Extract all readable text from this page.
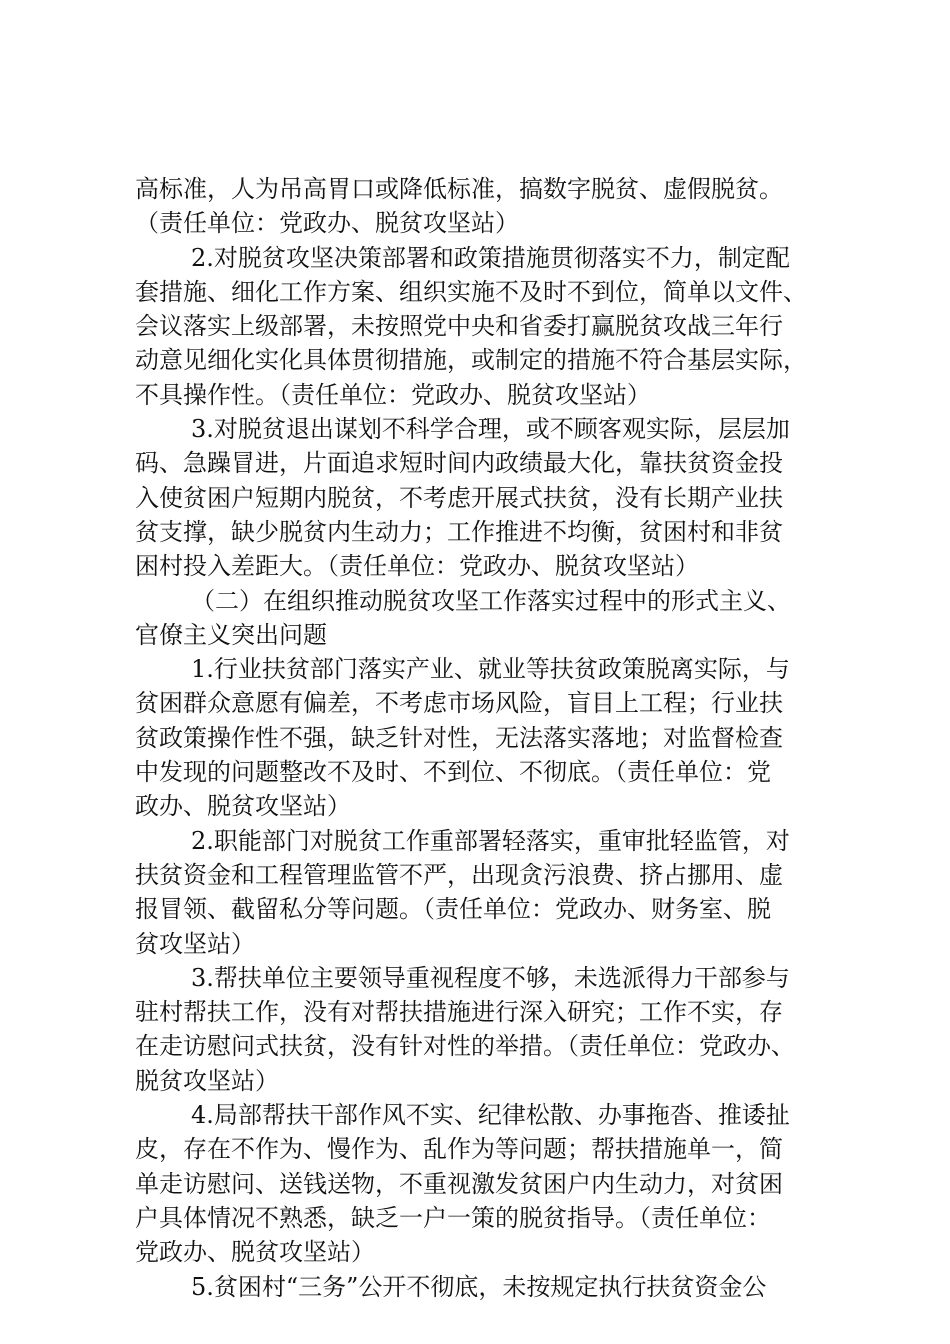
高标准，人为吊高胃口或降低标准，搞数字脱贫、虚假脱贫。
（责任单位：党政办、脱贫攻坚站）
2.对脱贫攻坚决策部署和政策措施贯彻落实不力，制定配
套措施、细化工作方案、组织实施不及时不到位，简单以文件、
会议落实上级部署，未按照党中央和省委打赢脱贫攻战三年行
动意见细化实化具体贯彻措施，或制定的措施不符合基层实际，
不具操作性。（责任单位：党政办、脱贫攻坚站）
3.对脱贫退出谋划不科学合理，或不顾客观实际，层层加
码、急躁冒进，片面追求短时间内政绩最大化，靠扶贫资金投
入使贫困户短期内脱贫，不考虑开展式扶贫，没有长期产业扶
贫支撑，缺少脱贫内生动力；工作推进不均衡，贫困村和非贫
困村投入差距大。（责任单位：党政办、脱贫攻坚站）
（二）在组织推动脱贫攻坚工作落实过程中的形式主义、
官僚主义突出问题
1.行业扶贫部门落实产业、就业等扶贫政策脱离实际，与
贫困群众意愿有偏差，不考虑市场风险，盲目上工程；行业扶
贫政策操作性不强，缺乏针对性，无法落实落地；对监督检查
中发现的问题整改不及时、不到位、不彻底。（责任单位：党
政办、脱贫攻坚站）
2.职能部门对脱贫工作重部署轻落实，重审批轻监管，对
扶贫资金和工程管理监管不严，出现贪污浪费、挤占挪用、虚
报冒领、截留私分等问题。（责任单位：党政办、财务室、脱
贫攻坚站）
3.帮扶单位主要领导重视程度不够，未选派得力干部参与
驻村帮扶工作，没有对帮扶措施进行深入研究；工作不实，存
在走访慰问式扶贫，没有针对性的举措。（责任单位：党政办、
脱贫攻坚站）
4.局部帮扶干部作风不实、纪律松散、办事拖沓、推诿扯
皮，存在不作为、慢作为、乱作为等问题；帮扶措施单一，简
单走访慰问、送钱送物，不重视激发贫困户内生动力，对贫困
户具体情况不熟悉，缺乏一户一策的脱贫指导。（责任单位：
党政办、脱贫攻坚站）
5.贫困村“三务”公开不彻底，未按规定执行扶贫资金公
